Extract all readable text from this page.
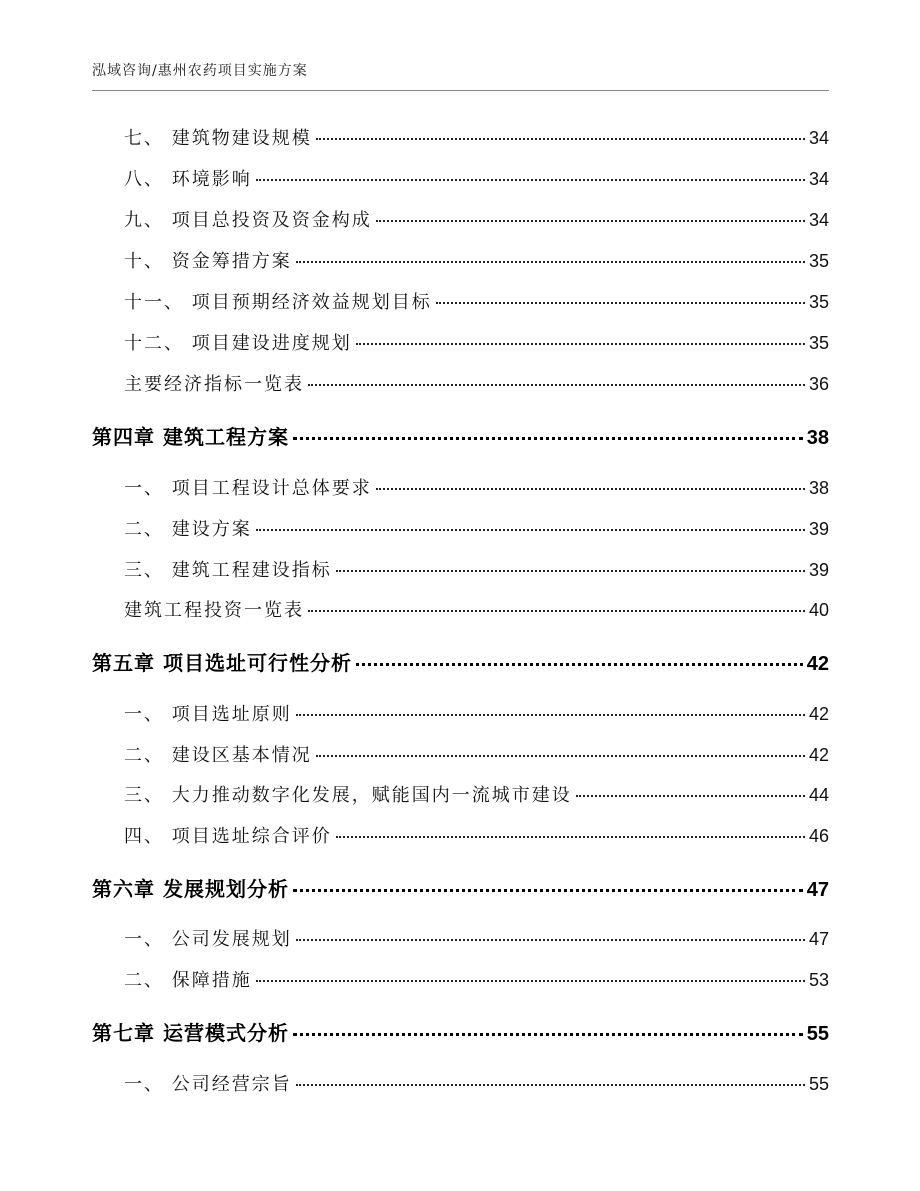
泓域咨询/惠州农药项目实施方案
七、 建筑物建设规模	34
八、 环境影响	34
九、 项目总投资及资金构成	34
十、 资金筹措方案	35
十一、 项目预期经济效益规划目标	35
十二、 项目建设进度规划	35
主要经济指标一览表	36
第四章 建筑工程方案	38
一、 项目工程设计总体要求	38
二、 建设方案	39
三、 建筑工程建设指标	39
建筑工程投资一览表	40
第五章 项目选址可行性分析	42
一、 项目选址原则	42
二、 建设区基本情况	42
三、 大力推动数字化发展，赋能国内一流城市建设	44
四、 项目选址综合评价	46
第六章 发展规划分析	47
一、 公司发展规划	47
二、 保障措施	53
第七章 运营模式分析	55
一、 公司经营宗旨	55
